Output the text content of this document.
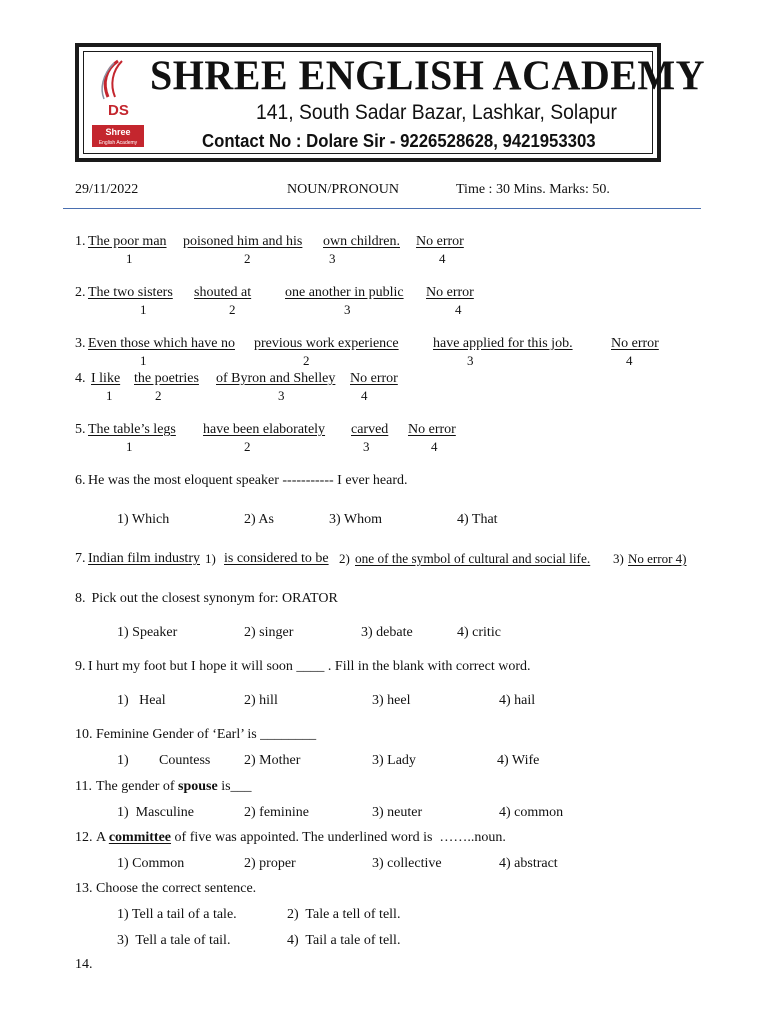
DS
Shree
English Academy
SHREE ENGLISH ACADEMY
141, South Sadar Bazar, Lashkar, Solapur
Contact No : Dolare Sir - 9226528628, 9421953303
29/11/2022	NOUN/PRONOUN	Time : 30 Mins. Marks: 50.
1. The poor man poisoned him and his own children. No error
1	2	3	4
2. The two sisters shouted at one another in public No error
1	2	3	4
3. Even those which have no previous work experience have applied for this job.	No error
1	2	3	4
4. I like the poetries of Byron and Shelley No error
1	2	3	4
5. The table’s legs have been elaborately carved No error
1	2	3	4
6. He was the most eloquent speaker ----------- I ever heard.
1) Which	2) As	3) Whom	4) That
7. Indian film industry 1) is considered to be 2) one of the symbol of cultural and social life. 3) No error 4)
8. Pick out the closest synonym for: ORATOR
1) Speaker	2) singer	3) debate	4) critic
9. I hurt my foot but I hope it will soon ____ . Fill in the blank with correct word.
1)   Heal	2) hill	3) heel	4) hail
10. Feminine Gender of ‘Earl’ is ________
1) Countess 2) Mother	3) Lady	4) Wife
11. The gender of spouse is___
1)  Masculine	2) feminine	3) neuter	4) common
12. A committee of five was appointed. The underlined word is  ……..noun.
1) Common	2) proper	3) collective	4) abstract
13. Choose the correct sentence.
1) Tell a tail of a tale.	2)  Tale a tell of tell.
3)  Tell a tale of tail.	4)  Tail a tale of tell.
14.
